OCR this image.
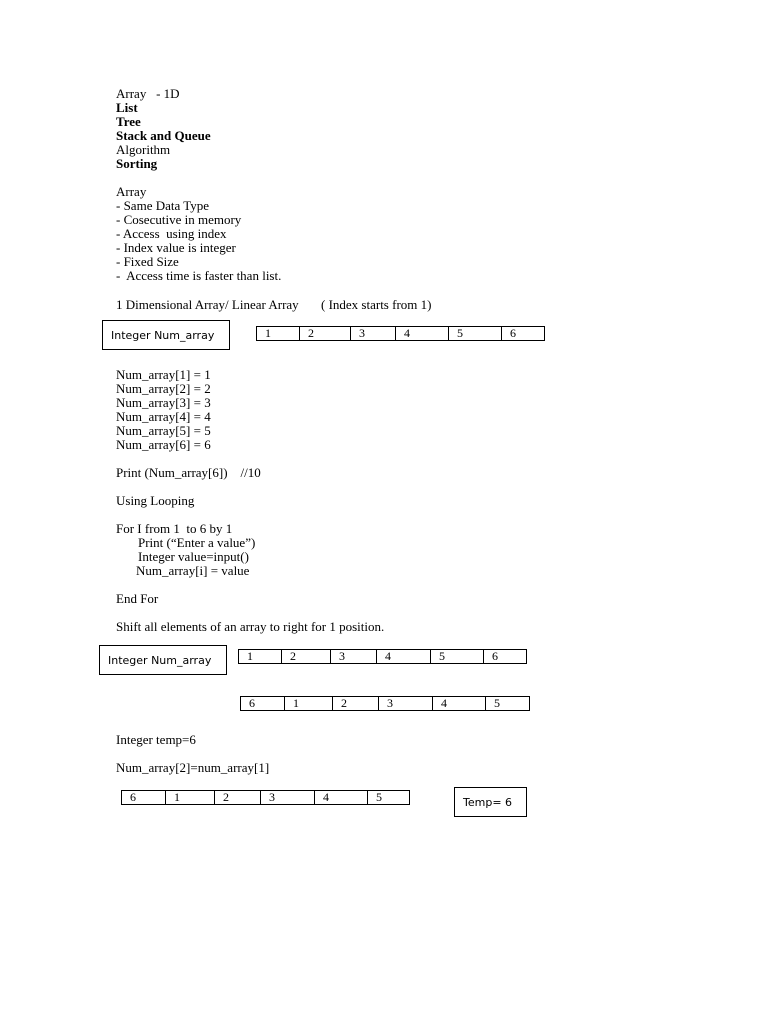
Array   - 1D
List
Tree
Stack and Queue
Algorithm
Sorting
Array
- Same Data Type
- Cosecutive in memory
- Access  using index
- Index value is integer
- Fixed Size
-  Access time is faster than list.
1 Dimensional Array/ Linear Array ( Index starts from 1)
Integer Num_array	1	2	3	4	5	6
Num_array[1] = 1
Num_array[2] = 2
Num_array[3] = 3
Num_array[4] = 4
Num_array[5] = 5
Num_array[6] = 6
Print (Num_array[6])    //10
Using Looping
For I from 1  to 6 by 1
Print (“Enter a value”)
Integer value=input()
Num_array[i] = value
End For
Shift all elements of an array to right for 1 position.
Integer Num_array	1	2	3	4	5	6
6	1	2	3	4	5
Integer temp=6
Num_array[2]=num_array[1]
6	1	2	3	4	5	Temp= 6
